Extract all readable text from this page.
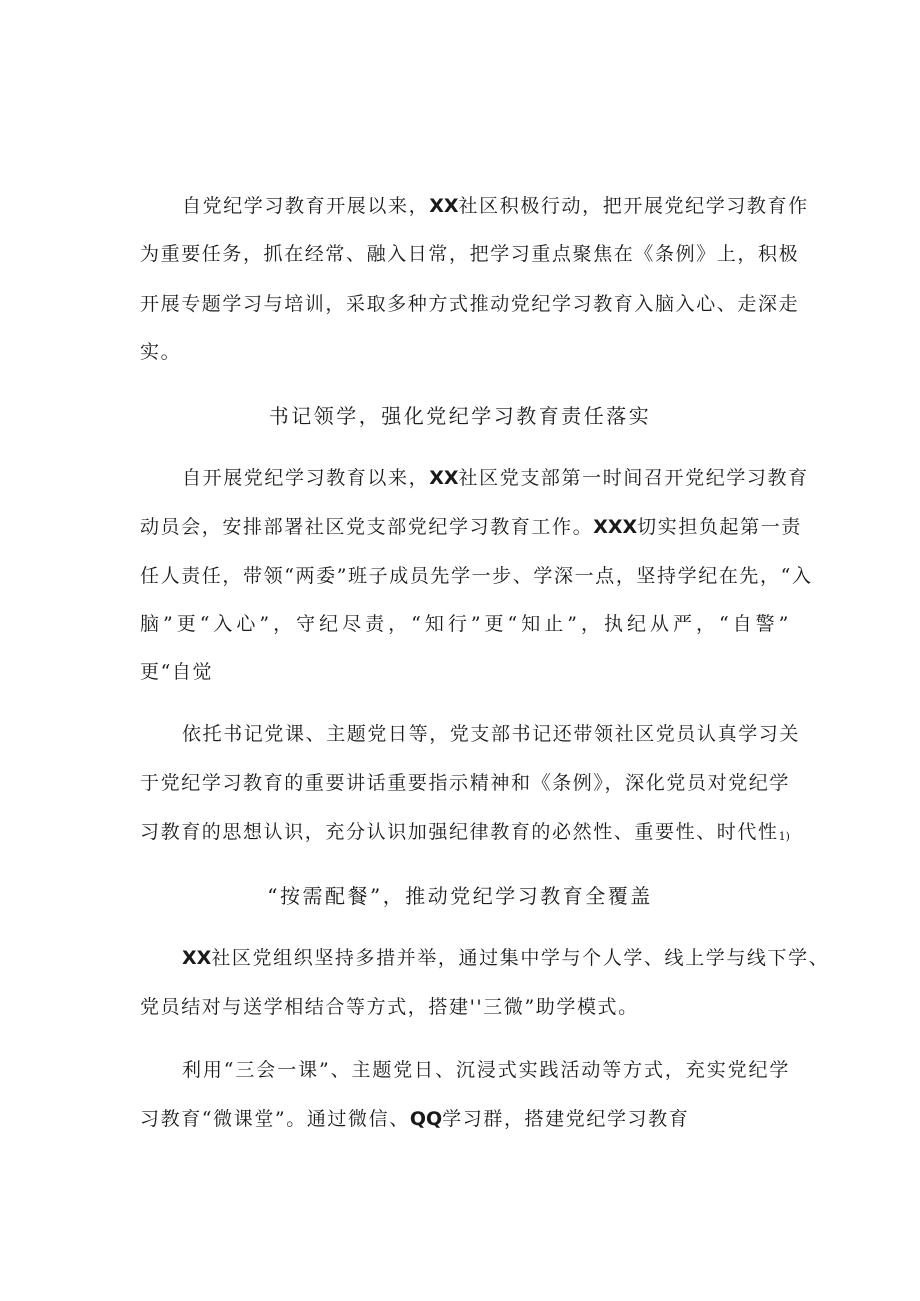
自党纪学习教育开展以来，XX社区积极行动，把开展党纪学习教育作
为重要任务，抓在经常、融入日常，把学习重点聚焦在《条例》上，积极
开展专题学习与培训，采取多种方式推动党纪学习教育入脑入心、走深走
实。
书记领学，强化党纪学习教育责任落实
自开展党纪学习教育以来，XX社区党支部第一时间召开党纪学习教育
动员会，安排部署社区党支部党纪学习教育工作。XXX切实担负起第一责
任人责任，带领“两委”班子成员先学一步、学深一点，坚持学纪在先，“入
脑”更“入心”，守纪尽责，“知行”更“知止”，执纪从严，“自警”
更“自觉
依托书记党课、主题党日等，党支部书记还带领社区党员认真学习关
于党纪学习教育的重要讲话重要指示精神和《条例》，深化党员对党纪学
习教育的思想认识，充分认识加强纪律教育的必然性、重要性、时代性1)
“按需配餐”，推动党纪学习教育全覆盖
XX社区党组织坚持多措并举，通过集中学与个人学、线上学与线下学、
党员结对与送学相结合等方式，搭建''三微”助学模式。
利用“三会一课”、主题党日、沉浸式实践活动等方式，充实党纪学
习教育“微课堂”。通过微信、QQ学习群，搭建党纪学习教育
